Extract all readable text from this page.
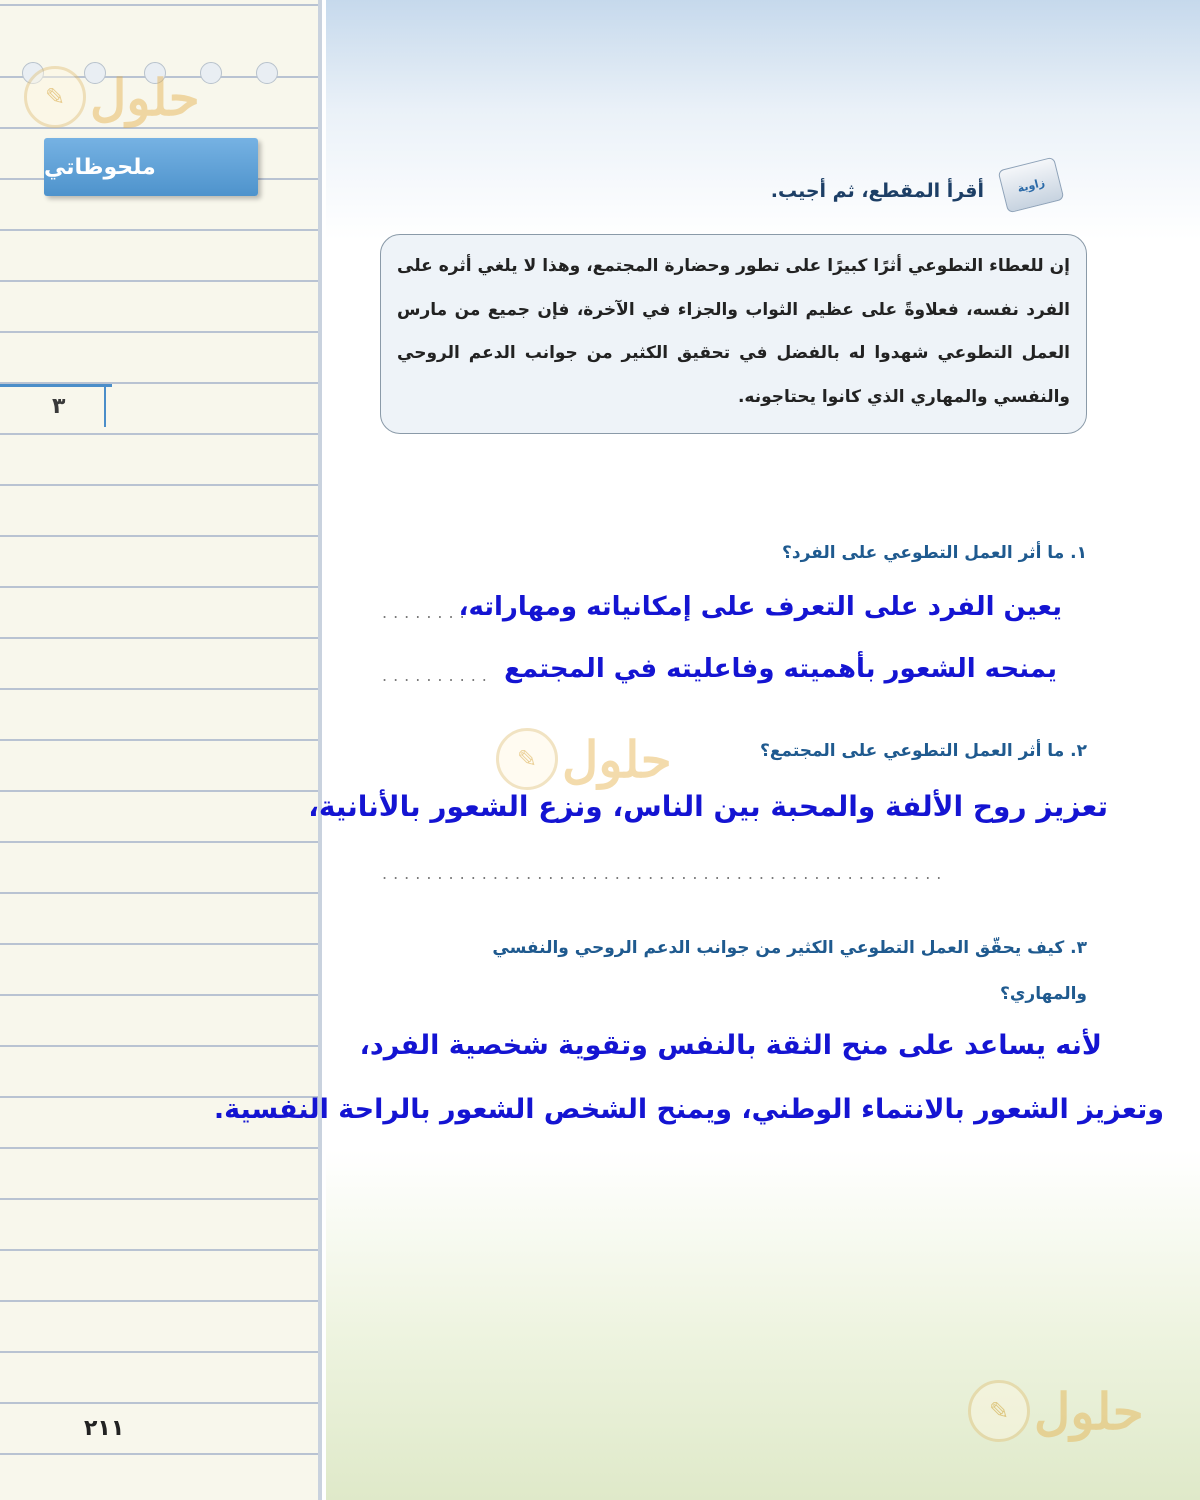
ملحوظاتي
٣
٢١١
✎ حلول
زاوية
أقرأ المقطع، ثم أجيب.
إن للعطاء التطوعي أثرًا كبيرًا على تطور وحضارة المجتمع، وهذا لا يلغي أثره على الفرد نفسه، فعلاوةً على عظيم الثواب والجزاء في الآخرة، فإن جميع من مارس العمل التطوعي شهدوا له بالفضل في تحقيق الكثير من جوانب الدعم الروحي والنفسي والمهاري الذي كانوا يحتاجونه.
١. ما أثر العمل التطوعي على الفرد؟
يعين الفرد على التعرف على إمكانياته ومهاراته،
........
يمنحه الشعور بأهميته وفاعليته في المجتمع
..........
✎ حلول	٢. ما أثر العمل التطوعي على المجتمع؟
تعزيز روح الألفة والمحبة بين الناس، ونزع الشعور بالأنانية،
...................................................
٣. كيف يحقّق العمل التطوعي الكثير من جوانب الدعم الروحي والنفسي
والمهاري؟
لأنه يساعد على منح الثقة بالنفس وتقوية شخصية الفرد،
وتعزيز الشعور بالانتماء الوطني، ويمنح الشخص الشعور بالراحة النفسية.
✎ حلول
